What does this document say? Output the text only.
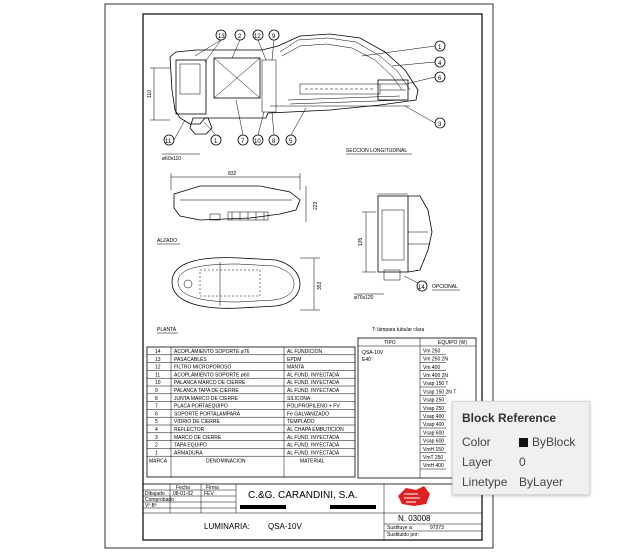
110
ø60x110
13 2 12 9
1
4
6
3
11	1	7 10 8 5
SECCION LONGITUDINAL
832
223
ALZADO
353
PLANTA
135
14 OPCIONAL
ø76x120
T: lámpara tubular clara
14	ACOPLAMIENTO SOPORTE ø76	AL FUNDICION
13	PASACABLES	EPDM
12	FILTRO MICROPOROSO	MANTA
11	ACOPLAMIENTO SOPORTE ø60	AL FUND. INYECTADA
10	PALANCA MARCO DE CIERRE	AL FUND. INYECTADA
9	PALANCA TAPA DE CIERRE	AL FUND. INYECTADA
8	JUNTA MARCO DE CIERRE	SILICONA
7	PLACA PORTAEQUIPO	POLIPROPILENO + FV
6	SOPORTE PORTALAMPARA	Fe GALVANIZADO
5	VIDRIO DE CIERRE	TEMPLADO
4	REFLECTOR	AL CHAPA EMBUTICION
3	MARCO DE CIERRE	AL FUND. INYECTADA
2	TAPA EQUIPO	AL FUND. INYECTADA
1	ARMADURA	AL FUND. INYECTADA
MARCA	DENOMINACION	MATERIAL
TIPO	EQUIPO (W)
QSA-10V
E40
Vm 250
Vm 250 2N
Vm 400
Vm 400 2N
Vsap 150 T
Vsap 150 2N T
Vsap 250
Vsap 250
Vsap 400
Vsap 400
Vsap 600
Vsap 600
VmH 150
VmT 250
VmH 400
Fecha	Firma
Dibujado 08-01-02 FEV
Comprobado
Vº Bº
C.&G. CARANDINI, S.A.
LUMINARIA: QSA-10V
N. 03008
Sustituye a:	97273
Sustituido por:
Block Reference
Color	ByBlock
Layer 0
Linetype ByLayer
